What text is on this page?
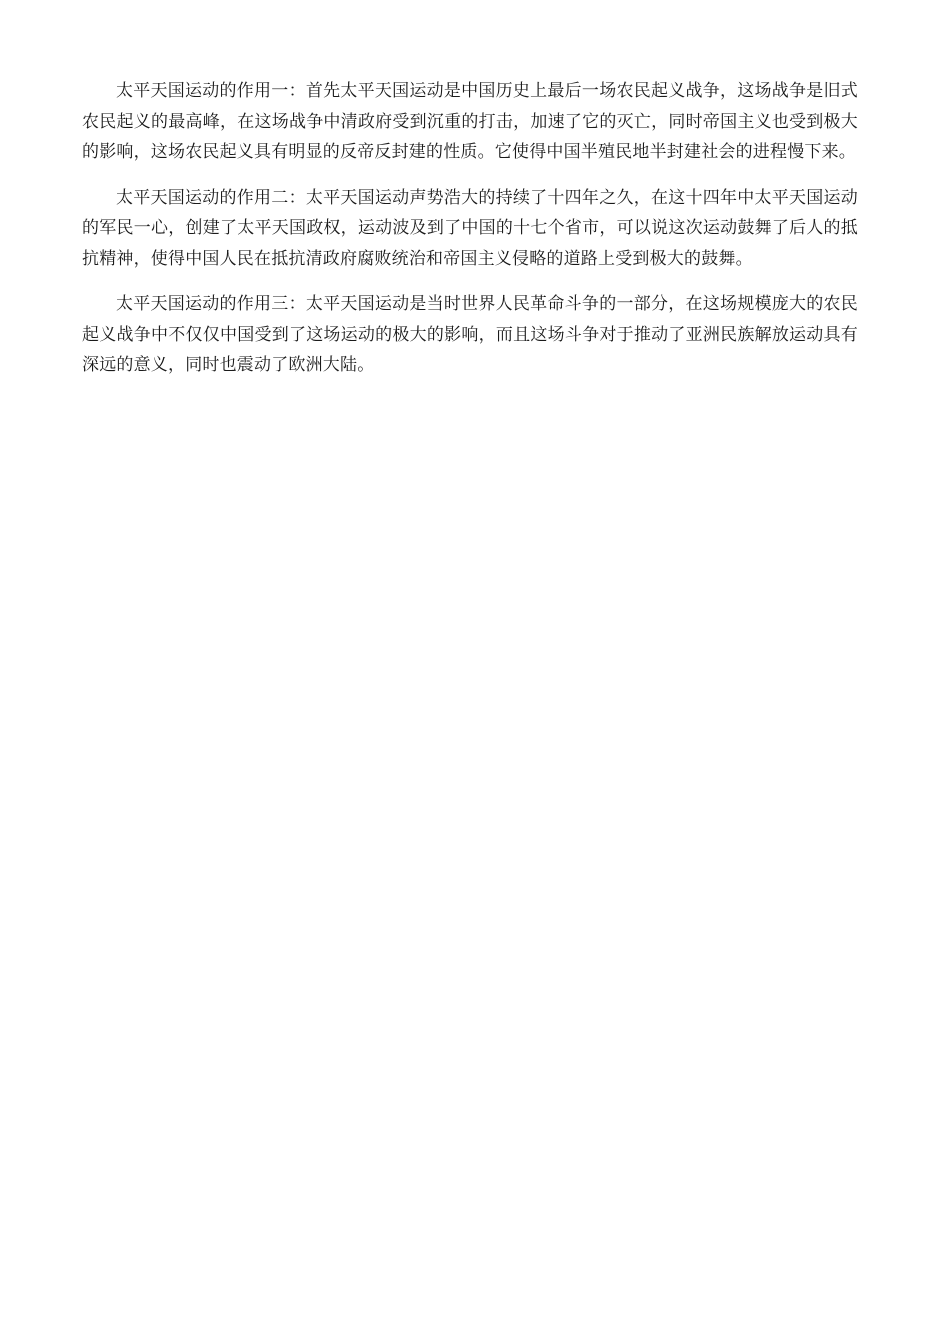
太平天国运动的作用一：首先太平天国运动是中国历史上最后一场农民起义战争，这场战争是旧式农民起义的最高峰，在这场战争中清政府受到沉重的打击，加速了它的灭亡，同时帝国主义也受到极大的影响，这场农民起义具有明显的反帝反封建的性质。它使得中国半殖民地半封建社会的进程慢下来。

太平天国运动的作用二：太平天国运动声势浩大的持续了十四年之久，在这十四年中太平天国运动的军民一心，创建了太平天国政权，运动波及到了中国的十七个省市，可以说这次运动鼓舞了后人的抵抗精神，使得中国人民在抵抗清政府腐败统治和帝国主义侵略的道路上受到极大的鼓舞。

太平天国运动的作用三：太平天国运动是当时世界人民革命斗争的一部分，在这场规模庞大的农民起义战争中不仅仅中国受到了这场运动的极大的影响，而且这场斗争对于推动了亚洲民族解放运动具有深远的意义，同时也震动了欧洲大陆。
